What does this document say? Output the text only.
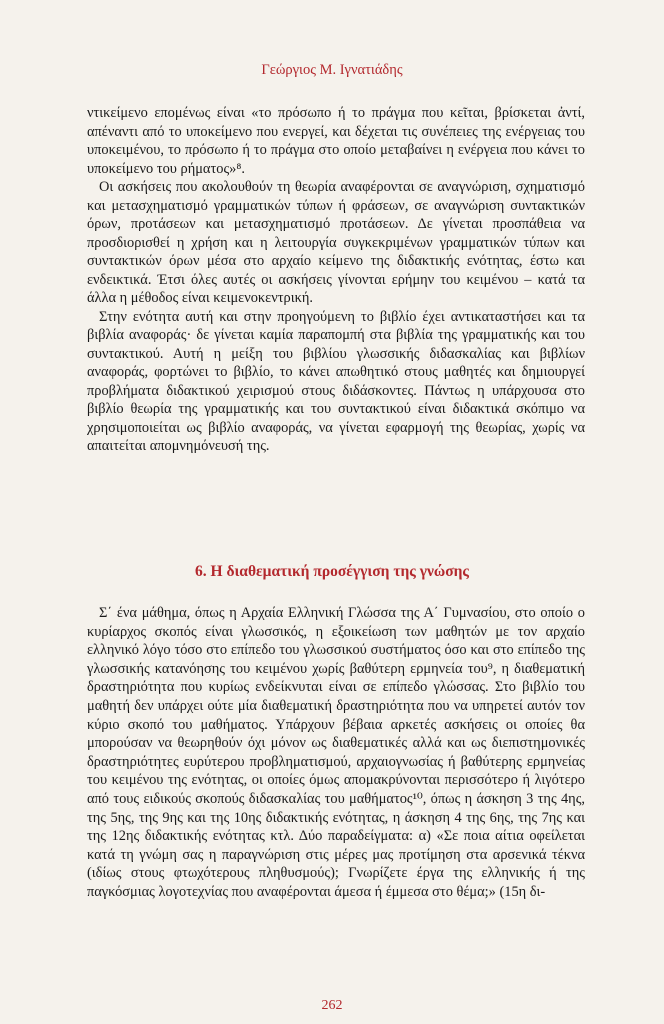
Γεώργιος Μ. Ιγνατιάδης

ντικείμενο επομένως είναι «το πρόσωπο ή το πράγμα που κεῖται, βρίσκεται ἀντί, απέναντι από το υποκείμενο που ενεργεί, και δέχεται τις συνέπειες της ενέργειας του υποκειμένου, το πρόσωπο ή το πράγμα στο οποίο μεταβαίνει η ενέργεια που κάνει το υποκείμενο του ρήματος»⁸.

Οι ασκήσεις που ακολουθούν τη θεωρία αναφέρονται σε αναγνώριση, σχηματισμό και μετασχηματισμό γραμματικών τύπων ή φράσεων, σε αναγνώριση συντακτικών όρων, προτάσεων και μετασχηματισμό προτάσεων. Δε γίνεται προσπάθεια να προσδιορισθεί η χρήση και η λειτουργία συγκεκριμένων γραμματικών τύπων και συντακτικών όρων μέσα στο αρχαίο κείμενο της διδακτικής ενότητας, έστω και ενδεικτικά. Έτσι όλες αυτές οι ασκήσεις γίνονται ερήμην του κειμένου – κατά τα άλλα η μέθοδος είναι κειμενοκεντρική.

Στην ενότητα αυτή και στην προηγούμενη το βιβλίο έχει αντικαταστήσει και τα βιβλία αναφοράς· δε γίνεται καμία παραπομπή στα βιβλία της γραμματικής και του συντακτικού. Αυτή η μείξη του βιβλίου γλωσσικής διδασκαλίας και βιβλίων αναφοράς, φορτώνει το βιβλίο, το κάνει απωθητικό στους μαθητές και δημιουργεί προβλήματα διδακτικού χειρισμού στους διδάσκοντες. Πάντως η υπάρχουσα στο βιβλίο θεωρία της γραμματικής και του συντακτικού είναι διδακτικά σκόπιμο να χρησιμοποιείται ως βιβλίο αναφοράς, να γίνεται εφαρμογή της θεωρίας, χωρίς να απαιτείται απομνημόνευσή της.

6. Η διαθεματική προσέγγιση της γνώσης

Σ΄ ένα μάθημα, όπως η Αρχαία Ελληνική Γλώσσα της Α΄ Γυμνασίου, στο οποίο ο κυρίαρχος σκοπός είναι γλωσσικός, η εξοικείωση των μαθητών με τον αρχαίο ελληνικό λόγο τόσο στο επίπεδο του γλωσσικού συστήματος όσο και στο επίπεδο της γλωσσικής κατανόησης του κειμένου χωρίς βαθύτερη ερμηνεία του⁹, η διαθεματική δραστηριότητα που κυρίως ενδείκνυται είναι σε επίπεδο γλώσσας. Στο βιβλίο του μαθητή δεν υπάρχει ούτε μία διαθεματική δραστηριότητα που να υπηρετεί αυτόν τον κύριο σκοπό του μαθήματος. Υπάρχουν βέβαια αρκετές ασκήσεις οι οποίες θα μπορούσαν να θεωρηθούν όχι μόνον ως διαθεματικές αλλά και ως διεπιστημονικές δραστηριότητες ευρύτερου προβληματισμού, αρχαιογνωσίας ή βαθύτερης ερμηνείας του κειμένου της ενότητας, οι οποίες όμως απομακρύνονται περισσότερο ή λιγότερο από τους ειδικούς σκοπούς διδασκαλίας του μαθήματος¹⁰, όπως η άσκηση 3 της 4ης, της 5ης, της 9ης και της 10ης διδακτικής ενότητας, η άσκηση 4 της 6ης, της 7ης και της 12ης διδακτικής ενότητας κτλ. Δύο παραδείγματα: α) «Σε ποια αίτια οφείλεται κατά τη γνώμη σας η παραγνώριση στις μέρες μας προτίμηση στα αρσενικά τέκνα (ιδίως στους φτωχότερους πληθυσμούς); Γνωρίζετε έργα της ελληνικής ή της παγκόσμιας λογοτεχνίας που αναφέρονται άμεσα ή έμμεσα στο θέμα;» (15η δι-

262
